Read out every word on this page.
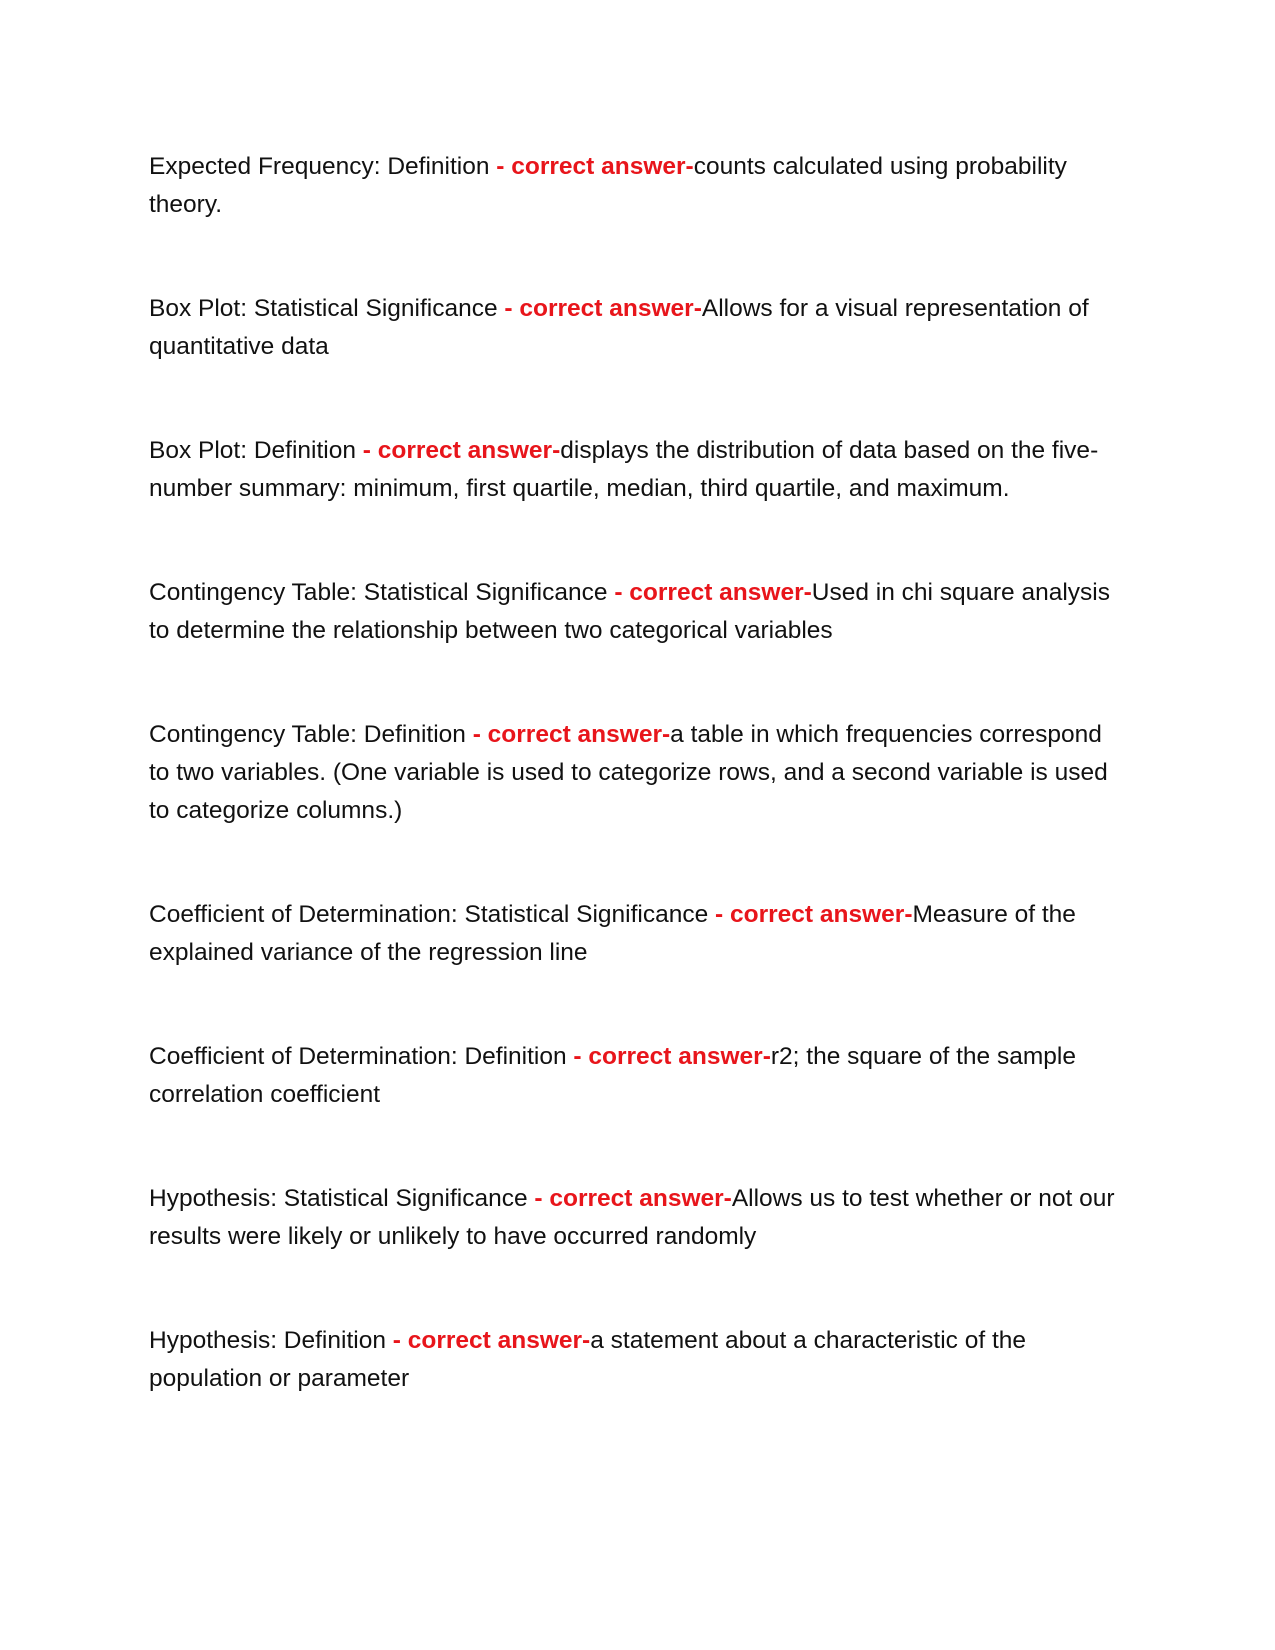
Expected Frequency: Definition - correct answer-counts calculated using probability theory.

Box Plot: Statistical Significance - correct answer-Allows for a visual representation of quantitative data

Box Plot: Definition - correct answer-displays the distribution of data based on the five-number summary: minimum, first quartile, median, third quartile, and maximum.

Contingency Table: Statistical Significance - correct answer-Used in chi square analysis to determine the relationship between two categorical variables

Contingency Table: Definition - correct answer-a table in which frequencies correspond to two variables. (One variable is used to categorize rows, and a second variable is used to categorize columns.)

Coefficient of Determination: Statistical Significance - correct answer-Measure of the explained variance of the regression line

Coefficient of Determination: Definition - correct answer-r2; the square of the sample correlation coefficient

Hypothesis: Statistical Significance - correct answer-Allows us to test whether or not our results were likely or unlikely to have occurred randomly

Hypothesis: Definition - correct answer-a statement about a characteristic of the population or parameter
